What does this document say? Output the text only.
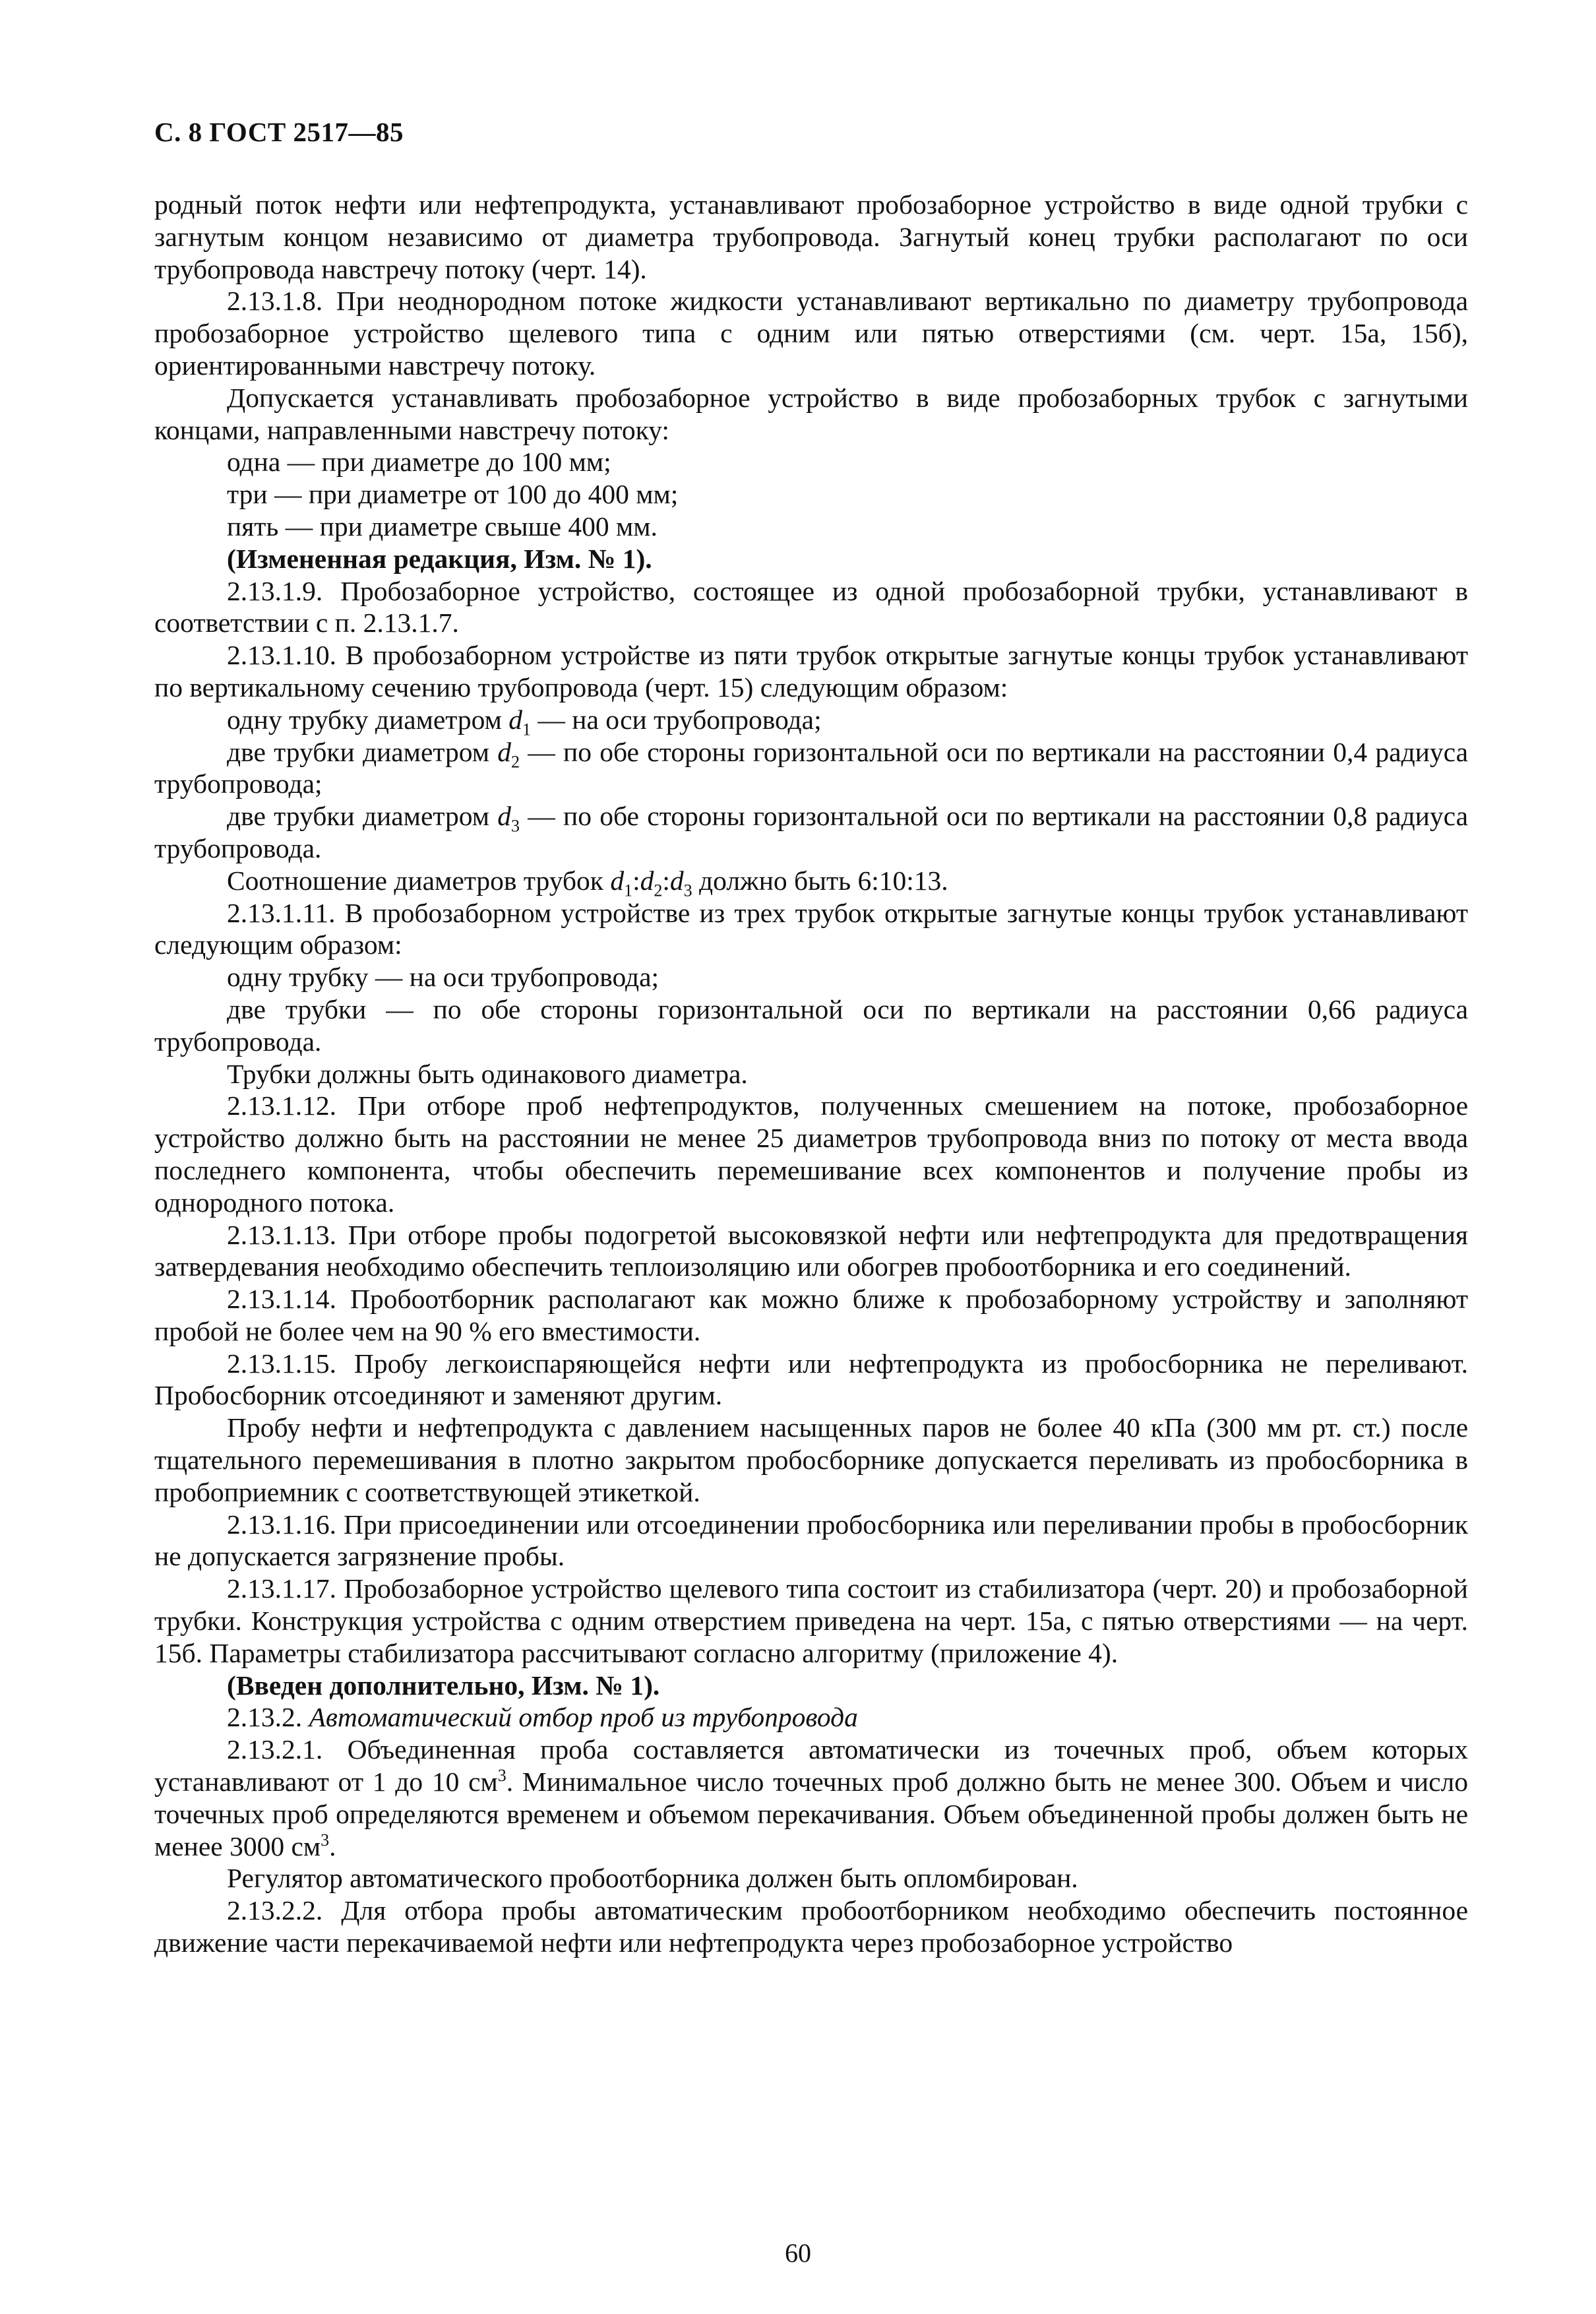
С. 8 ГОСТ 2517—85

родный поток нефти или нефтепродукта, устанавливают пробозаборное устройство в виде одной трубки с загнутым концом независимо от диаметра трубопровода. Загнутый конец трубки располагают по оси трубопровода навстречу потоку (черт. 14).

2.13.1.8. При неоднородном потоке жидкости устанавливают вертикально по диаметру трубопровода пробозаборное устройство щелевого типа с одним или пятью отверстиями (см. черт. 15а, 15б), ориентированными навстречу потоку.

Допускается устанавливать пробозаборное устройство в виде пробозаборных трубок с загнутыми концами, направленными навстречу потоку:

одна — при диаметре до 100 мм;

три — при диаметре от 100 до 400 мм;

пять — при диаметре свыше 400 мм.

(Измененная редакция, Изм. № 1).

2.13.1.9. Пробозаборное устройство, состоящее из одной пробозаборной трубки, устанавливают в соответствии с п. 2.13.1.7.

2.13.1.10. В пробозаборном устройстве из пяти трубок открытые загнутые концы трубок устанавливают по вертикальному сечению трубопровода (черт. 15) следующим образом:

одну трубку диаметром $d_1$ — на оси трубопровода;

две трубки диаметром $d_2$ — по обе стороны горизонтальной оси по вертикали на расстоянии 0,4 радиуса трубопровода;

две трубки диаметром $d_3$ — по обе стороны горизонтальной оси по вертикали на расстоянии 0,8 радиуса трубопровода.

Соотношение диаметров трубок $d_1:d_2:d_3$ должно быть 6:10:13.

2.13.1.11. В пробозаборном устройстве из трех трубок открытые загнутые концы трубок устанавливают следующим образом:

одну трубку — на оси трубопровода;

две трубки — по обе стороны горизонтальной оси по вертикали на расстоянии 0,66 радиуса трубопровода.

Трубки должны быть одинакового диаметра.

2.13.1.12. При отборе проб нефтепродуктов, полученных смешением на потоке, пробозаборное устройство должно быть на расстоянии не менее 25 диаметров трубопровода вниз по потоку от места ввода последнего компонента, чтобы обеспечить перемешивание всех компонентов и получение пробы из однородного потока.

2.13.1.13. При отборе пробы подогретой высоковязкой нефти или нефтепродукта для предотвращения затвердевания необходимо обеспечить теплоизоляцию или обогрев пробоотборника и его соединений.

2.13.1.14. Пробоотборник располагают как можно ближе к пробозаборному устройству и заполняют пробой не более чем на 90 % его вместимости.

2.13.1.15. Пробу легкоиспаряющейся нефти или нефтепродукта из пробосборника не переливают. Пробосборник отсоединяют и заменяют другим.

Пробу нефти и нефтепродукта с давлением насыщенных паров не более 40 кПа (300 мм рт. ст.) после тщательного перемешивания в плотно закрытом пробосборнике допускается переливать из пробосборника в пробоприемник с соответствующей этикеткой.

2.13.1.16. При присоединении или отсоединении пробосборника или переливании пробы в пробосборник не допускается загрязнение пробы.

2.13.1.17. Пробозаборное устройство щелевого типа состоит из стабилизатора (черт. 20) и пробозаборной трубки. Конструкция устройства с одним отверстием приведена на черт. 15а, с пятью отверстиями — на черт. 15б. Параметры стабилизатора рассчитывают согласно алгоритму (приложение 4).

(Введен дополнительно, Изм. № 1).

2.13.2. Автоматический отбор проб из трубопровода

2.13.2.1. Объединенная проба составляется автоматически из точечных проб, объем которых устанавливают от 1 до 10 $см^3$. Минимальное число точечных проб должно быть не менее 300. Объем и число точечных проб определяются временем и объемом перекачивания. Объем объединенной пробы должен быть не менее 3000 $см^3$.

Регулятор автоматического пробоотборника должен быть опломбирован.

2.13.2.2. Для отбора пробы автоматическим пробоотборником необходимо обеспечить постоянное движение части перекачиваемой нефти или нефтепродукта через пробозаборное устройство

60
